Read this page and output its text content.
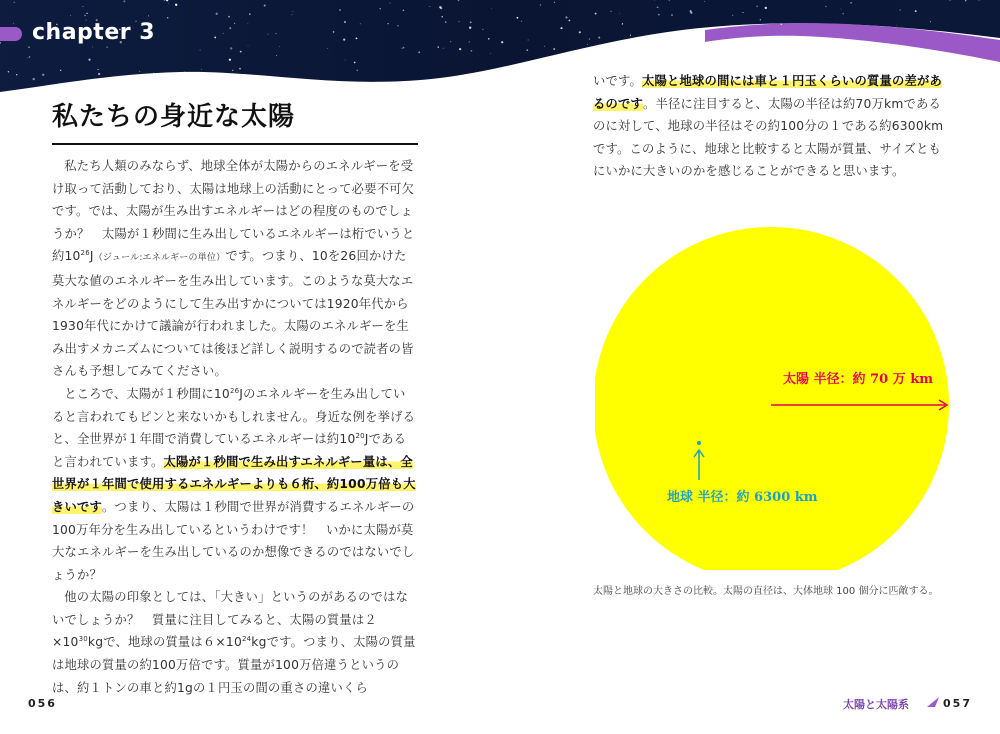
chapter 3
私たちの身近な太陽

私たち人類のみならず、地球全体が太陽からのエネルギーを受け取って活動しており、太陽は地球上の活動にとって必要不可欠です。では、太陽が生み出すエネルギーはどの程度のものでしょうか？　太陽が１秒間に生み出しているエネルギーは桁でいうと約$10^{26}J$（ジュール:エネルギーの単位）です。つまり、10を26回かけた莫大な値のエネルギーを生み出しています。このような莫大なエネルギーをどのようにして生み出すかについては1920年代から1930年代にかけて議論が行われました。太陽のエネルギーを生み出すメカニズムについては後ほど詳しく説明するので読者の皆さんも予想してみてください。

ところで、太陽が１秒間に$10^{26}J$のエネルギーを生み出していると言われてもピンと来ないかもしれません。身近な例を挙げると、全世界が１年間で消費しているエネルギーは約$10^{20}J$であると言われています。太陽が１秒間で生み出すエネルギー量は、全世界が１年間で使用するエネルギーよりも６桁、約100万倍も大きいです。つまり、太陽は１秒間で世界が消費するエネルギーの100万年分を生み出しているというわけです！　いかに太陽が莫大なエネルギーを生み出しているのか想像できるのではないでしょうか？

他の太陽の印象としては、「大きい」というのがあるのではないでしょうか？　質量に注目してみると、太陽の質量は$2\times 10^{30}kg$で、地球の質量は$6\times 10^{24}kg$です。つまり、太陽の質量は地球の質量の約100万倍です。質量が100万倍違うというのは、約１トンの車と約1gの１円玉の間の重さの違いくら

056

いです。太陽と地球の間には車と１円玉くらいの質量の差があるのです。半径に注目すると、太陽の半径は約70万kmであるのに対して、地球の半径はその約100分の１である約6300kmです。このように、地球と比較すると太陽が質量、サイズともにいかに大きいのかを感じることができると思います。

太陽 半径：約 70 万 km
地球 半径：約 6300 km
太陽と地球の大きさの比較。太陽の直径は、大体地球 100 個分に匹敵する。
太陽と太陽系	057
